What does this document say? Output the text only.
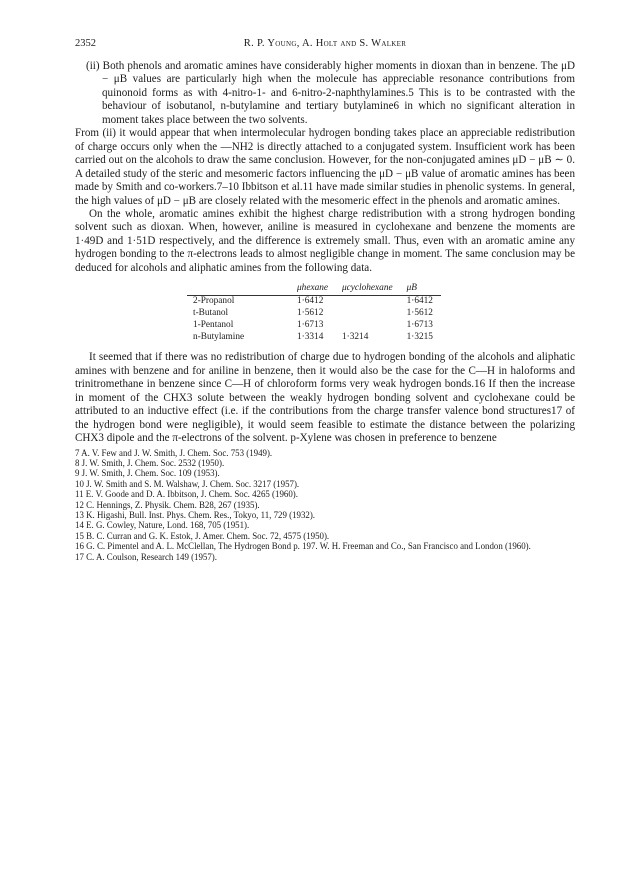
2352	R. P. Young, A. Holt and S. Walker

(ii) Both phenols and aromatic amines have considerably higher moments in dioxan than in benzene. The μD − μB values are particularly high when the molecule has appreciable resonance contributions from quinonoid forms as with 4-nitro-1- and 6-nitro-2-naphthylamines.5 This is to be contrasted with the behaviour of isobutanol, n-butylamine and tertiary butylamine6 in which no significant alteration in moment takes place between the two solvents.

From (ii) it would appear that when intermolecular hydrogen bonding takes place an appreciable redistribution of charge occurs only when the —NH2 is directly attached to a conjugated system. Insufficient work has been carried out on the alcohols to draw the same conclusion. However, for the non-conjugated amines μD − μB ∼ 0. A detailed study of the steric and mesomeric factors influencing the μD − μB value of aromatic amines has been made by Smith and co-workers.7–10 Ibbitson et al.11 have made similar studies in phenolic systems. In general, the high values of μD − μB are closely related with the mesomeric effect in the phenols and aromatic amines.

On the whole, aromatic amines exhibit the highest charge redistribution with a strong hydrogen bonding solvent such as dioxan. When, however, aniline is measured in cyclohexane and benzene the moments are 1·49D and 1·51D respectively, and the difference is extremely small. Thus, even with an aromatic amine any hydrogen bonding to the π-electrons leads to almost negligible change in moment. The same conclusion may be deduced for alcohols and aliphatic amines from the following data.

	μhexane	μcyclohexane	μB
2-Propanol	1·6412		1·6412
t-Butanol	1·5612		1·5612
1-Pentanol	1·6713		1·6713
n-Butylamine	1·3314	1·3214	1·3215

It seemed that if there was no redistribution of charge due to hydrogen bonding of the alcohols and aliphatic amines with benzene and for aniline in benzene, then it would also be the case for the C—H in haloforms and trinitromethane in benzene since C—H of chloroform forms very weak hydrogen bonds.16 If then the increase in moment of the CHX3 solute between the weakly hydrogen bonding solvent and cyclohexane could be attributed to an inductive effect (i.e. if the contributions from the charge transfer valence bond structures17 of the hydrogen bond were negligible), it would seem feasible to estimate the distance between the polarizing CHX3 dipole and the π-electrons of the solvent. p-Xylene was chosen in preference to benzene

7 A. V. Few and J. W. Smith, J. Chem. Soc. 753 (1949).
8 J. W. Smith, J. Chem. Soc. 2532 (1950).
9 J. W. Smith, J. Chem. Soc. 109 (1953).
10 J. W. Smith and S. M. Walshaw, J. Chem. Soc. 3217 (1957).
11 E. V. Goode and D. A. Ibbitson, J. Chem. Soc. 4265 (1960).
12 C. Hennings, Z. Physik. Chem. B28, 267 (1935).
13 K. Higashi, Bull. Inst. Phys. Chem. Res., Tokyo, 11, 729 (1932).
14 E. G. Cowley, Nature, Lond. 168, 705 (1951).
15 B. C. Curran and G. K. Estok, J. Amer. Chem. Soc. 72, 4575 (1950).
16 G. C. Pimentel and A. L. McClellan, The Hydrogen Bond p. 197. W. H. Freeman and Co., San Francisco and London (1960).
17 C. A. Coulson, Research 149 (1957).
